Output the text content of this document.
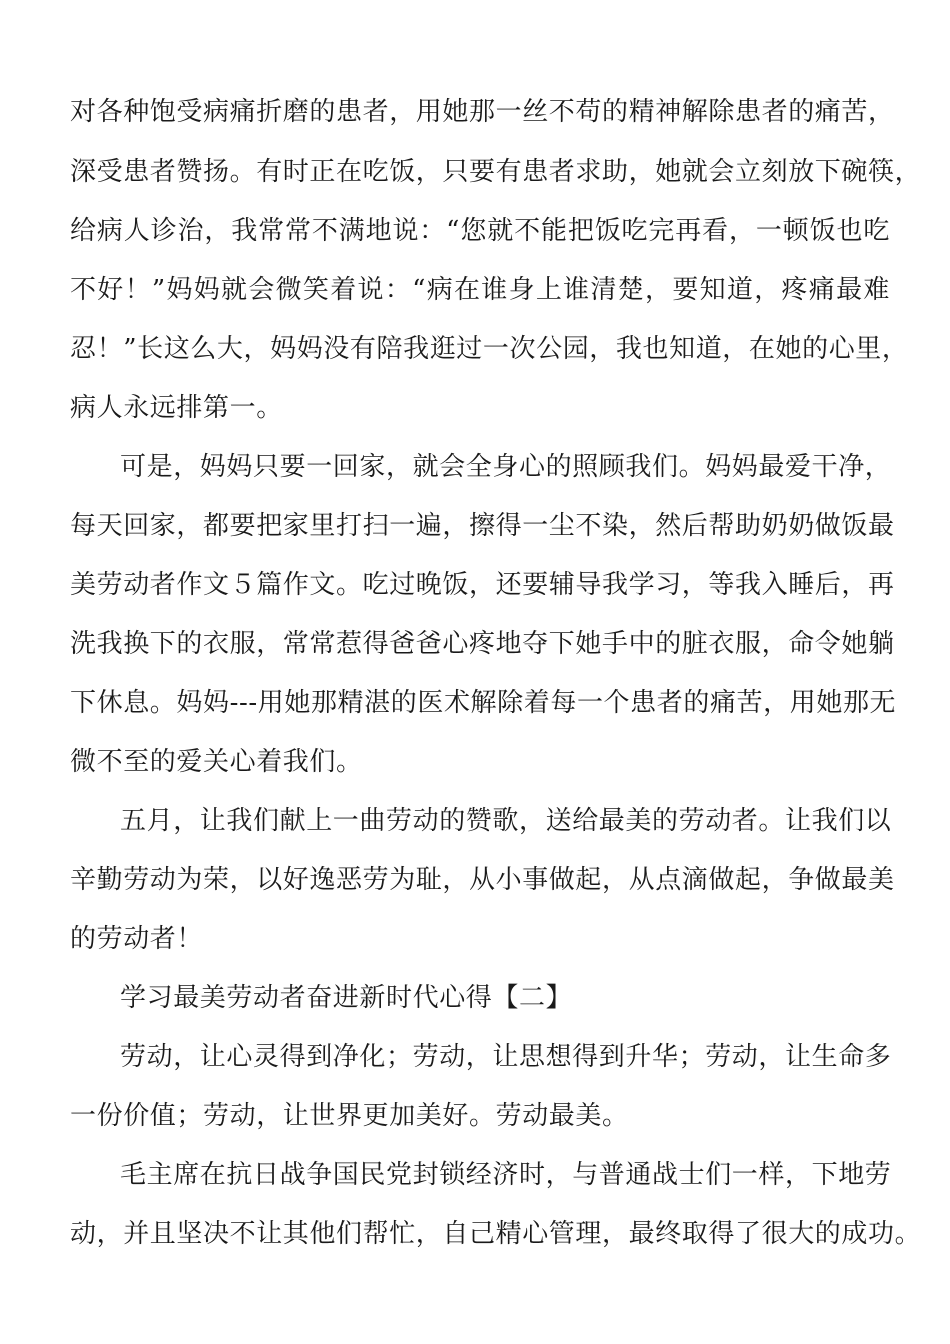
对各种饱受病痛折磨的患者，用她那一丝不苟的精神解除患者的痛苦，
深受患者赞扬。有时正在吃饭，只要有患者求助，她就会立刻放下碗筷，
给病人诊治，我常常不满地说：“您就不能把饭吃完再看，一顿饭也吃
不好！”妈妈就会微笑着说：“病在谁身上谁清楚，要知道，疼痛最难
忍！”长这么大，妈妈没有陪我逛过一次公园，我也知道，在她的心里，
病人永远排第一。
可是，妈妈只要一回家，就会全身心的照顾我们。妈妈最爱干净，
每天回家，都要把家里打扫一遍，擦得一尘不染，然后帮助奶奶做饭最
美劳动者作文５篇作文。吃过晚饭，还要辅导我学习，等我入睡后，再
洗我换下的衣服，常常惹得爸爸心疼地夺下她手中的脏衣服，命令她躺
下休息。妈妈---用她那精湛的医术解除着每一个患者的痛苦，用她那无
微不至的爱关心着我们。
五月，让我们献上一曲劳动的赞歌，送给最美的劳动者。让我们以
辛勤劳动为荣，以好逸恶劳为耻，从小事做起，从点滴做起，争做最美
的劳动者！
学习最美劳动者奋进新时代心得【二】
劳动，让心灵得到净化；劳动，让思想得到升华；劳动，让生命多
一份价值；劳动，让世界更加美好。劳动最美。
毛主席在抗日战争国民党封锁经济时，与普通战士们一样，下地劳
动，并且坚决不让其他们帮忙，自己精心管理，最终取得了很大的成功。
